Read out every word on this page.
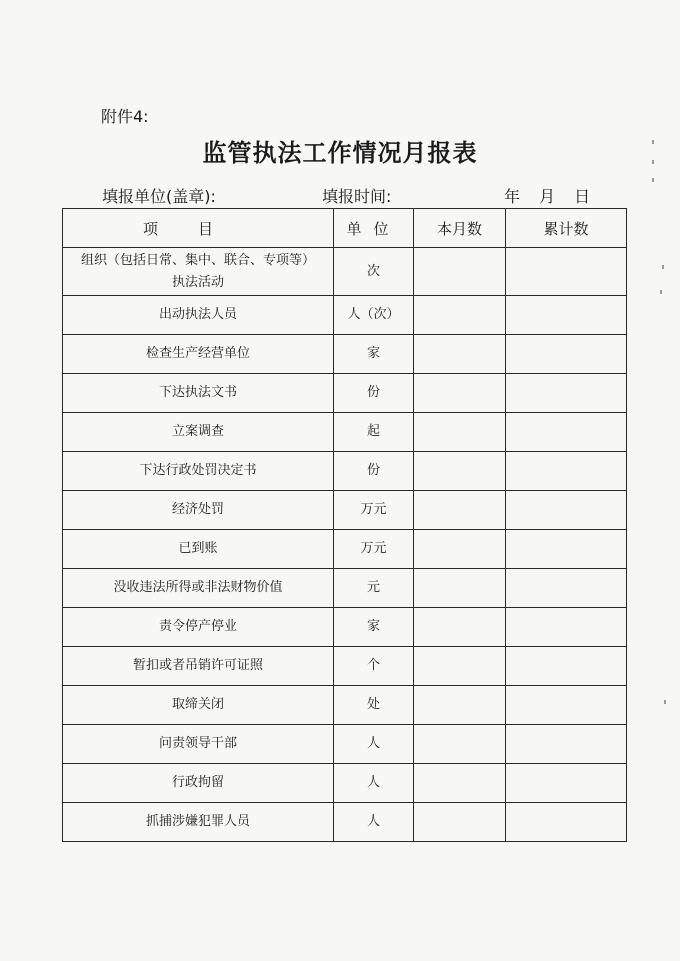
附件4:
监管执法工作情况月报表
填报单位(盖章):	填报时间:	年 月 日
项目	单位	本月数	累计数
组织（包括日常、集中、联合、专项等）执法活动	次		
出动执法人员	人（次）		
检查生产经营单位	家		
下达执法文书	份		
立案调查	起		
下达行政处罚决定书	份		
经济处罚	万元		
已到账	万元		
没收违法所得或非法财物价值	元		
责令停产停业	家		
暂扣或者吊销许可证照	个		
取缔关闭	处		
问责领导干部	人		
行政拘留	人		
抓捕涉嫌犯罪人员	人		
